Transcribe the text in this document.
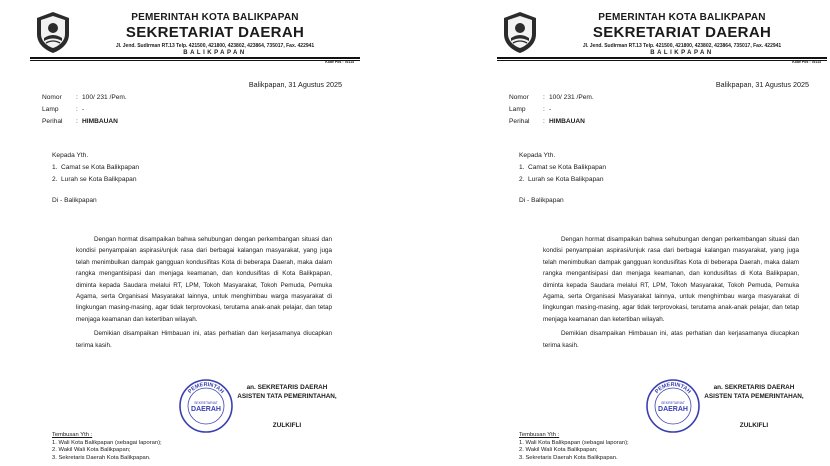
PEMERINTAH KOTA BALIKPAPAN
SEKRETARIAT DAERAH
Jl. Jend. Sudirman RT.13 Telp. 421500, 421800, 423802, 423864, 735017, Fax. 422941
BALIKPAPAN
Kode Pos : 76114
Balikpapan, 31 Agustus 2025
Nomor	: 100/ 231 /Pem.
Lamp	: -
Perihal	: HIMBAUAN
Kepada Yth.
1. Camat se Kota Balikpapan
2. Lurah se Kota Balikpapan
Di - Balikpapan

Dengan hormat disampaikan bahwa sehubungan dengan perkembangan situasi dan kondisi penyampaian aspirasi/unjuk rasa dari berbagai kalangan masyarakat, yang juga telah menimbulkan dampak gangguan kondusifitas Kota di beberapa Daerah, maka dalam rangka mengantisipasi dan menjaga keamanan, dan kondusifitas di Kota Balikpapan, diminta kepada Saudara melalui RT, LPM, Tokoh Masyarakat, Tokoh Pemuda, Pemuka Agama, serta Organisasi Masyarakat lainnya, untuk menghimbau warga masyarakat di lingkungan masing-masing, agar tidak terprovokasi, terutama anak-anak pelajar, dan tetap menjaga keamanan dan ketertiban wilayah.

Demikian disampaikan Himbauan ini, atas perhatian dan kerjasamanya diucapkan terima kasih.

PEMERINTAH
SEKRETARIAT
DAERAH
an. SEKRETARIS DAERAH
ASISTEN TATA PEMERINTAHAN,
ZULKIFLI
Tembusan Yth :
1. Wali Kota Balikpapan (sebagai laporan);
2. Wakil Wali Kota Balikpapan;
3. Sekretaris Daerah Kota Balikpapan.
PEMERINTAH KOTA BALIKPAPAN
SEKRETARIAT DAERAH
Jl. Jend. Sudirman RT.13 Telp. 421500, 421800, 423802, 423864, 735017, Fax. 422941
BALIKPAPAN
Kode Pos : 76114
Balikpapan, 31 Agustus 2025
Nomor	: 100/ 231 /Pem.
Lamp	: -
Perihal	: HIMBAUAN
Kepada Yth.
1. Camat se Kota Balikpapan
2. Lurah se Kota Balikpapan
Di - Balikpapan

Dengan hormat disampaikan bahwa sehubungan dengan perkembangan situasi dan kondisi penyampaian aspirasi/unjuk rasa dari berbagai kalangan masyarakat, yang juga telah menimbulkan dampak gangguan kondusifitas Kota di beberapa Daerah, maka dalam rangka mengantisipasi dan menjaga keamanan, dan kondusifitas di Kota Balikpapan, diminta kepada Saudara melalui RT, LPM, Tokoh Masyarakat, Tokoh Pemuda, Pemuka Agama, serta Organisasi Masyarakat lainnya, untuk menghimbau warga masyarakat di lingkungan masing-masing, agar tidak terprovokasi, terutama anak-anak pelajar, dan tetap menjaga keamanan dan ketertiban wilayah.

Demikian disampaikan Himbauan ini, atas perhatian dan kerjasamanya diucapkan terima kasih.

PEMERINTAH
SEKRETARIAT
DAERAH
an. SEKRETARIS DAERAH
ASISTEN TATA PEMERINTAHAN,
ZULKIFLI
Tembusan Yth :
1. Wali Kota Balikpapan (sebagai laporan);
2. Wakil Wali Kota Balikpapan;
3. Sekretaris Daerah Kota Balikpapan.
